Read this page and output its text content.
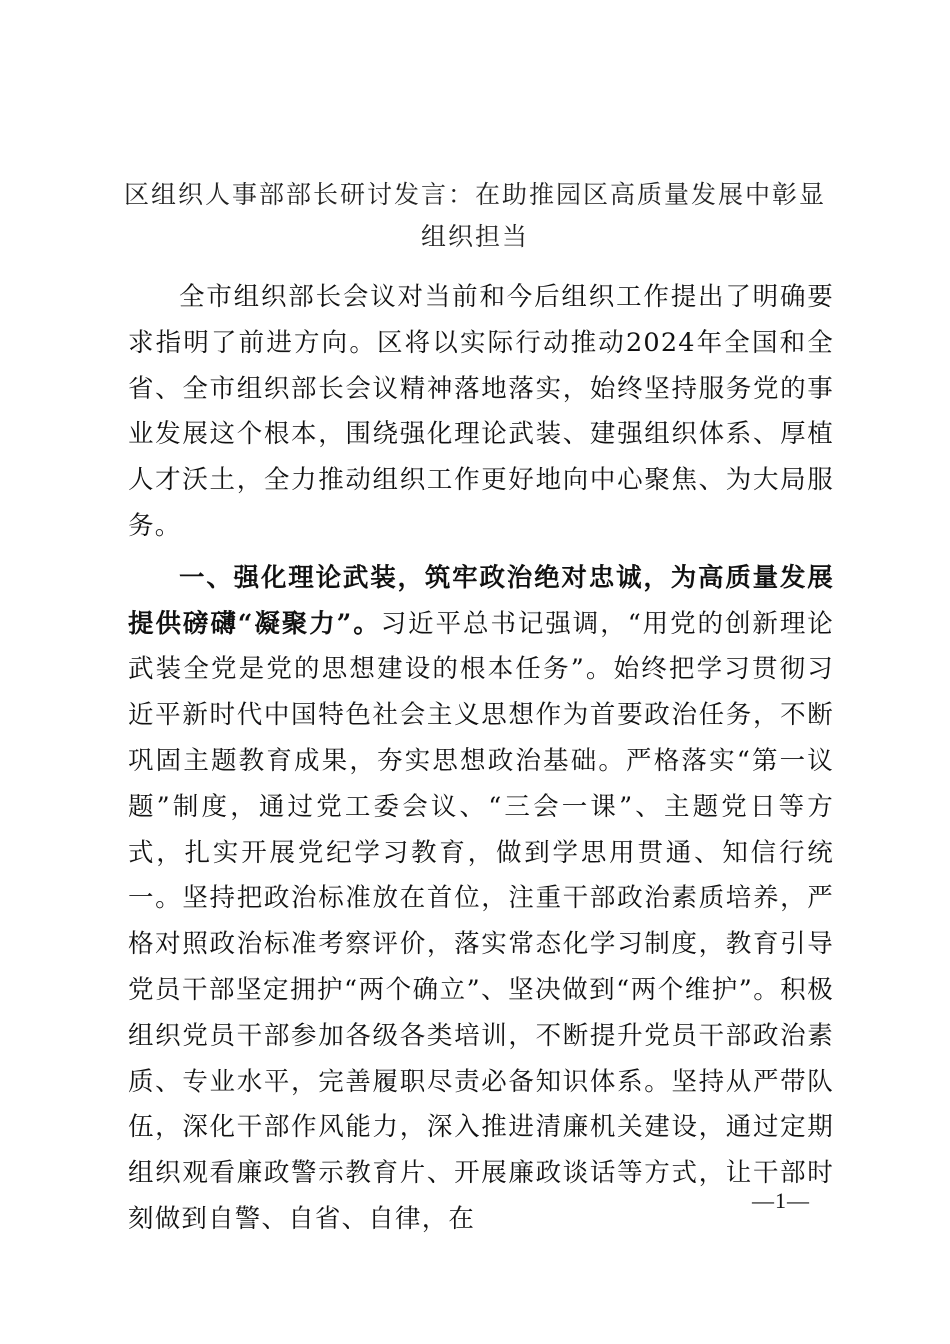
区组织人事部部长研讨发言：在助推园区高质量发展中彰显组织担当

全市组织部长会议对当前和今后组织工作提出了明确要求指明了前进方向。区将以实际行动推动2024年全国和全省、全市组织部长会议精神落地落实，始终坚持服务党的事业发展这个根本，围绕强化理论武装、建强组织体系、厚植人才沃土，全力推动组织工作更好地向中心聚焦、为大局服务。

一、强化理论武装，筑牢政治绝对忠诚，为高质量发展提供磅礴“凝聚力”。习近平总书记强调，“用党的创新理论武装全党是党的思想建设的根本任务”。始终把学习贯彻习近平新时代中国特色社会主义思想作为首要政治任务，不断巩固主题教育成果，夯实思想政治基础。严格落实“第一议题”制度，通过党工委会议、“三会一课”、主题党日等方式，扎实开展党纪学习教育，做到学思用贯通、知信行统一。坚持把政治标准放在首位，注重干部政治素质培养，严格对照政治标准考察评价，落实常态化学习制度，教育引导党员干部坚定拥护“两个确立”、坚决做到“两个维护”。积极组织党员干部参加各级各类培训，不断提升党员干部政治素质、专业水平，完善履职尽责必备知识体系。坚持从严带队伍，深化干部作风能力，深入推进清廉机关建设，通过定期组织观看廉政警示教育片、开展廉政谈话等方式，让干部时刻做到自警、自省、自律，在

—1—
